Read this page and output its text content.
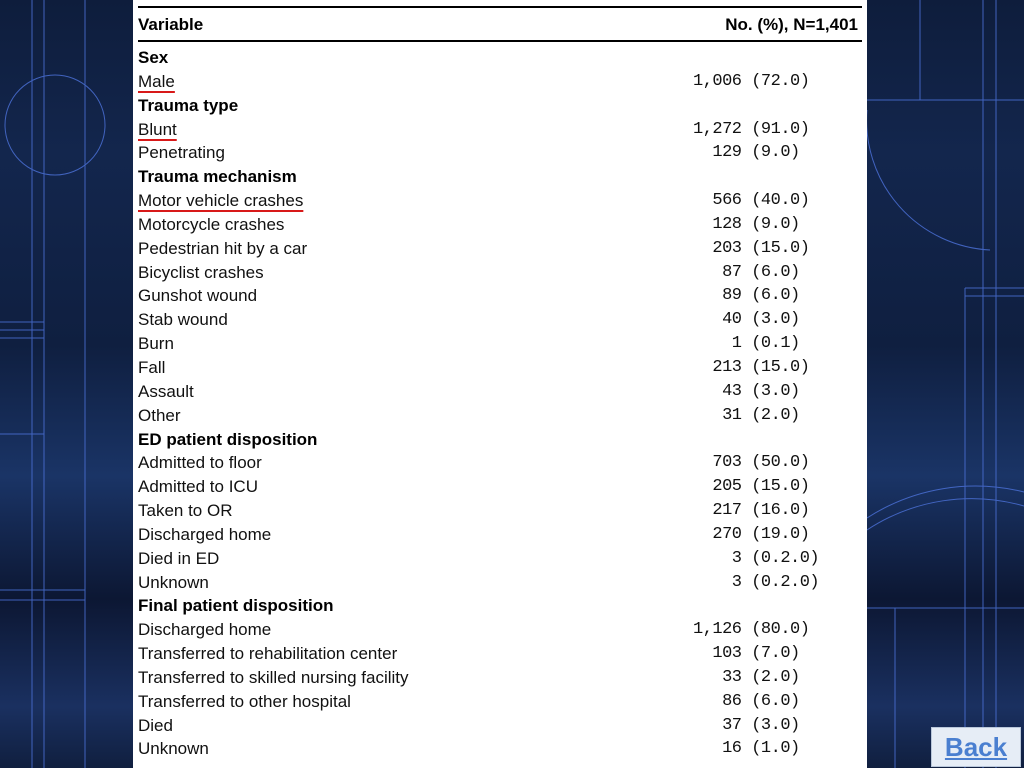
Variable	No. (%), N=1,401
Sex
Male	1,006 (72.0)
Trauma type
Blunt	1,272 (91.0)
Penetrating	129 (9.0)
Trauma mechanism
Motor vehicle crashes	566 (40.0)
Motorcycle crashes	128 (9.0)
Pedestrian hit by a car	203 (15.0)
Bicyclist crashes	87 (6.0)
Gunshot wound	89 (6.0)
Stab wound	40 (3.0)
Burn	1 (0.1)
Fall	213 (15.0)
Assault	43 (3.0)
Other	31 (2.0)
ED patient disposition
Admitted to floor	703 (50.0)
Admitted to ICU	205 (15.0)
Taken to OR	217 (16.0)
Discharged home	270 (19.0)
Died in ED	3 (0.2.0)
Unknown	3 (0.2.0)
Final patient disposition
Discharged home	1,126 (80.0)
Transferred to rehabilitation center	103 (7.0)
Transferred to skilled nursing facility	33 (2.0)
Transferred to other hospital	86 (6.0)
Died	37 (3.0)
Unknown	16 (1.0)	Back
